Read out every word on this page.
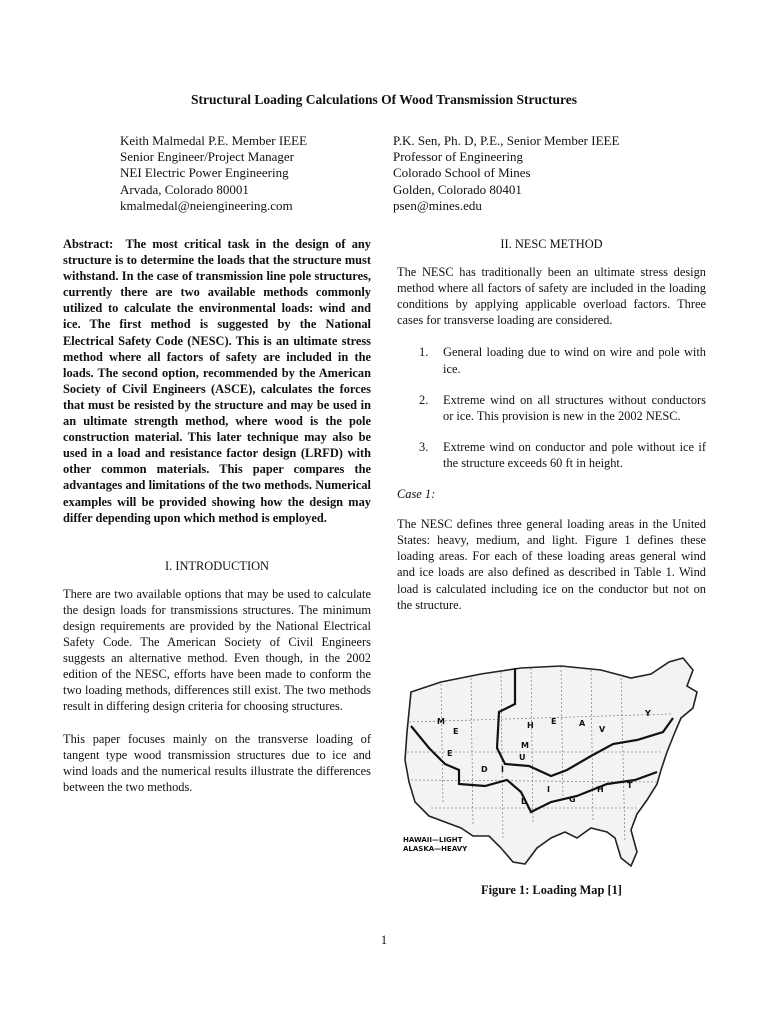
Structural Loading Calculations Of Wood Transmission Structures
Keith Malmedal P.E. Member IEEE
Senior Engineer/Project Manager
NEI Electric Power Engineering
Arvada, Colorado 80001
kmalmedal@neiengineering.com
P.K. Sen, Ph. D, P.E., Senior Member IEEE
Professor of Engineering
Colorado School of Mines
Golden, Colorado 80401
psen@mines.edu

Abstract: The most critical task in the design of any structure is to determine the loads that the structure must withstand. In the case of transmission line pole structures, currently there are two available methods commonly utilized to calculate the environmental loads: wind and ice. The first method is suggested by the National Electrical Safety Code (NESC). This is an ultimate stress method where all factors of safety are included in the loads. The second option, recommended by the American Society of Civil Engineers (ASCE), calculates the forces that must be resisted by the structure and may be used in an ultimate strength method, where wood is the pole construction material. This later technique may also be used in a load and resistance factor design (LRFD) with other common materials. This paper compares the advantages and limitations of the two methods. Numerical examples will be provided showing how the design may differ depending upon which method is employed.

I. INTRODUCTION

There are two available options that may be used to calculate the design loads for transmissions structures. The minimum design requirements are provided by the National Electrical Safety Code. The American Society of Civil Engineers suggests an alternative method. Even though, in the 2002 edition of the NESC, efforts have been made to conform the two loading methods, differences still exist. The two methods result in differing design criteria for choosing structures.

This paper focuses mainly on the transverse loading of tangent type wood transmission structures due to ice and wind loads and the numerical results illustrate the differences between the two methods.

II. NESC METHOD

The NESC has traditionally been an ultimate stress design method where all factors of safety are included in the loading conditions by applying applicable overload factors. Three cases for transverse loading are considered.

1. General loading due to wind on wire and pole with ice.
2. Extreme wind on all structures without conductors or ice. This provision is new in the 2002 NESC.
3. Extreme wind on conductor and pole without ice if the structure exceeds 60 ft in height.

Case 1:

The NESC defines three general loading areas in the United States: heavy, medium, and light. Figure 1 defines these loading areas. For each of these loading areas general wind and ice loads are also defined as described in Table 1. Wind load is calculated including ice on the conductor but not on the structure.

M
E
E
D I
U
M
H E	A
V
Y
L
I
G
H	T
HAWAII—LIGHT
ALASKA—HEAVY
Figure 1: Loading Map [1]
1
